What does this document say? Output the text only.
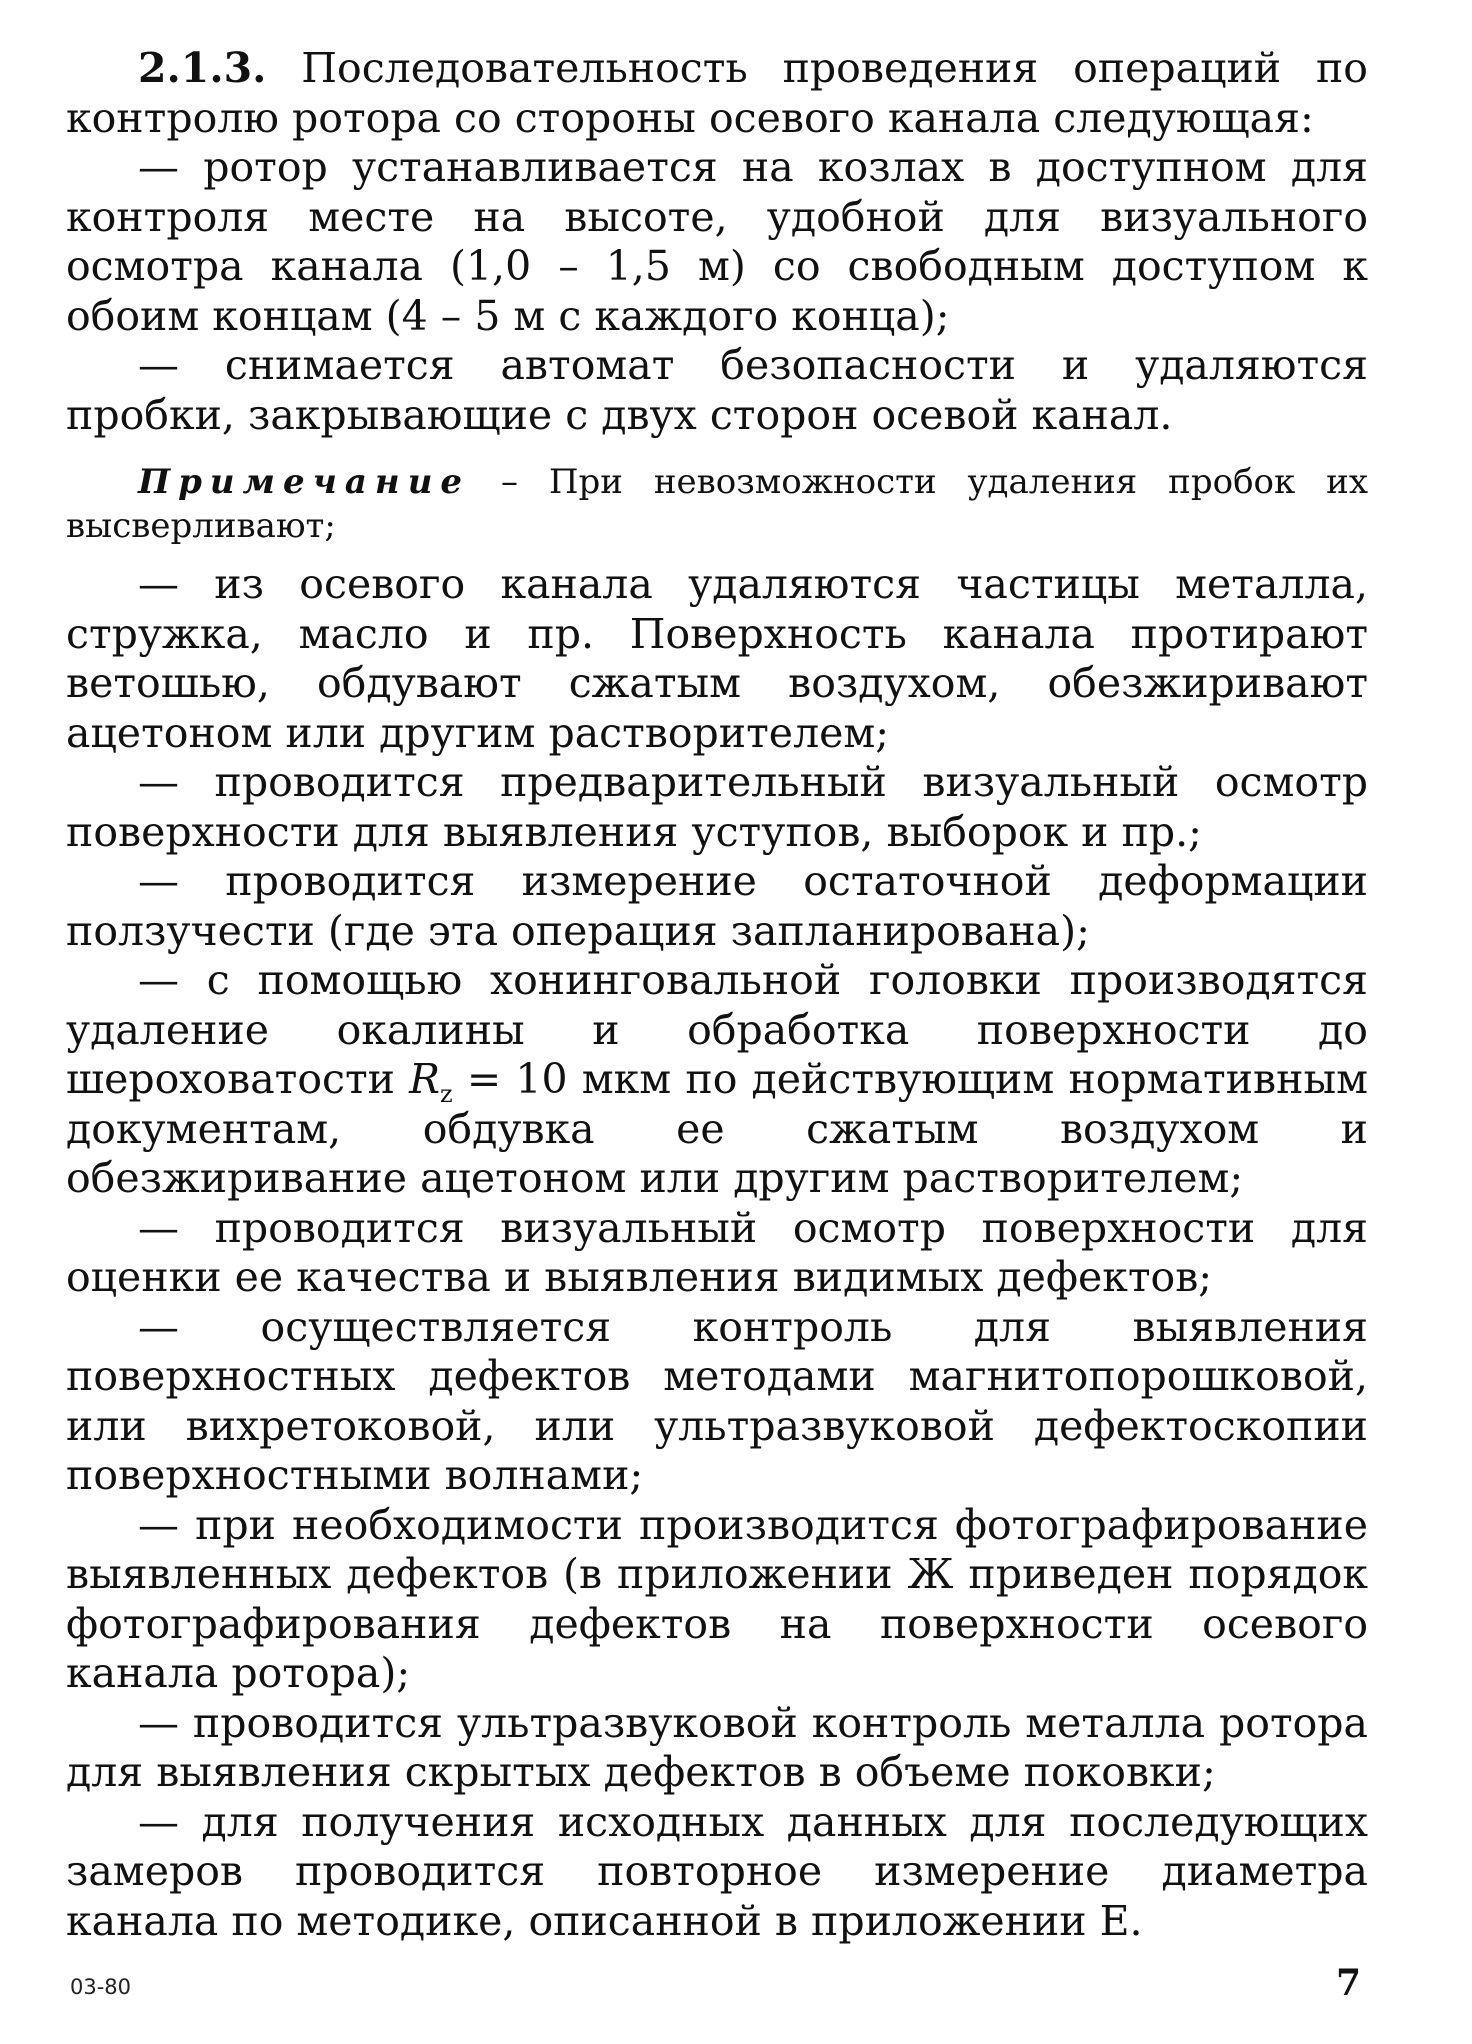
2.1.3. Последовательность проведения операций по контролю ротора со стороны осевого канала следующая:

— ротор устанавливается на козлах в доступном для контроля месте на высоте, удобной для визуального осмотра канала (1,0 – 1,5 м) со свободным доступом к обоим концам (4 – 5 м с каждого конца);

— снимается автомат безопасности и удаляются пробки, закрывающие с двух сторон осевой канал.

Примечание – При невозможности удаления пробок их высверливают;

— из осевого канала удаляются частицы металла, стружка, масло и пр. Поверхность канала протирают ветошью, обдувают сжатым воздухом, обезжиривают ацетоном или другим растворителем;

— проводится предварительный визуальный осмотр поверхности для выявления уступов, выборок и пр.;

— проводится измерение остаточной деформации ползучести (где эта операция запланирована);

— с помощью хонинговальной головки производятся удаление окалины и обработка поверхности до шероховатости $R_z = 10$ мкм по действующим нормативным документам, обдувка ее сжатым воздухом и обезжиривание ацетоном или другим растворителем;

— проводится визуальный осмотр поверхности для оценки ее качества и выявления видимых дефектов;

— осуществляется контроль для выявления поверхностных дефектов методами магнитопорошковой, или вихретоковой, или ультразвуковой дефектоскопии поверхностными волнами;

— при необходимости производится фотографирование выявленных дефектов (в приложении Ж приведен порядок фотографирования дефектов на поверхности осевого канала ротора);

— проводится ультразвуковой контроль металла ротора для выявления скрытых дефектов в объеме поковки;

— для получения исходных данных для последующих замеров проводится повторное измерение диаметра канала по методике, описанной в приложении Е.

03-80	7
